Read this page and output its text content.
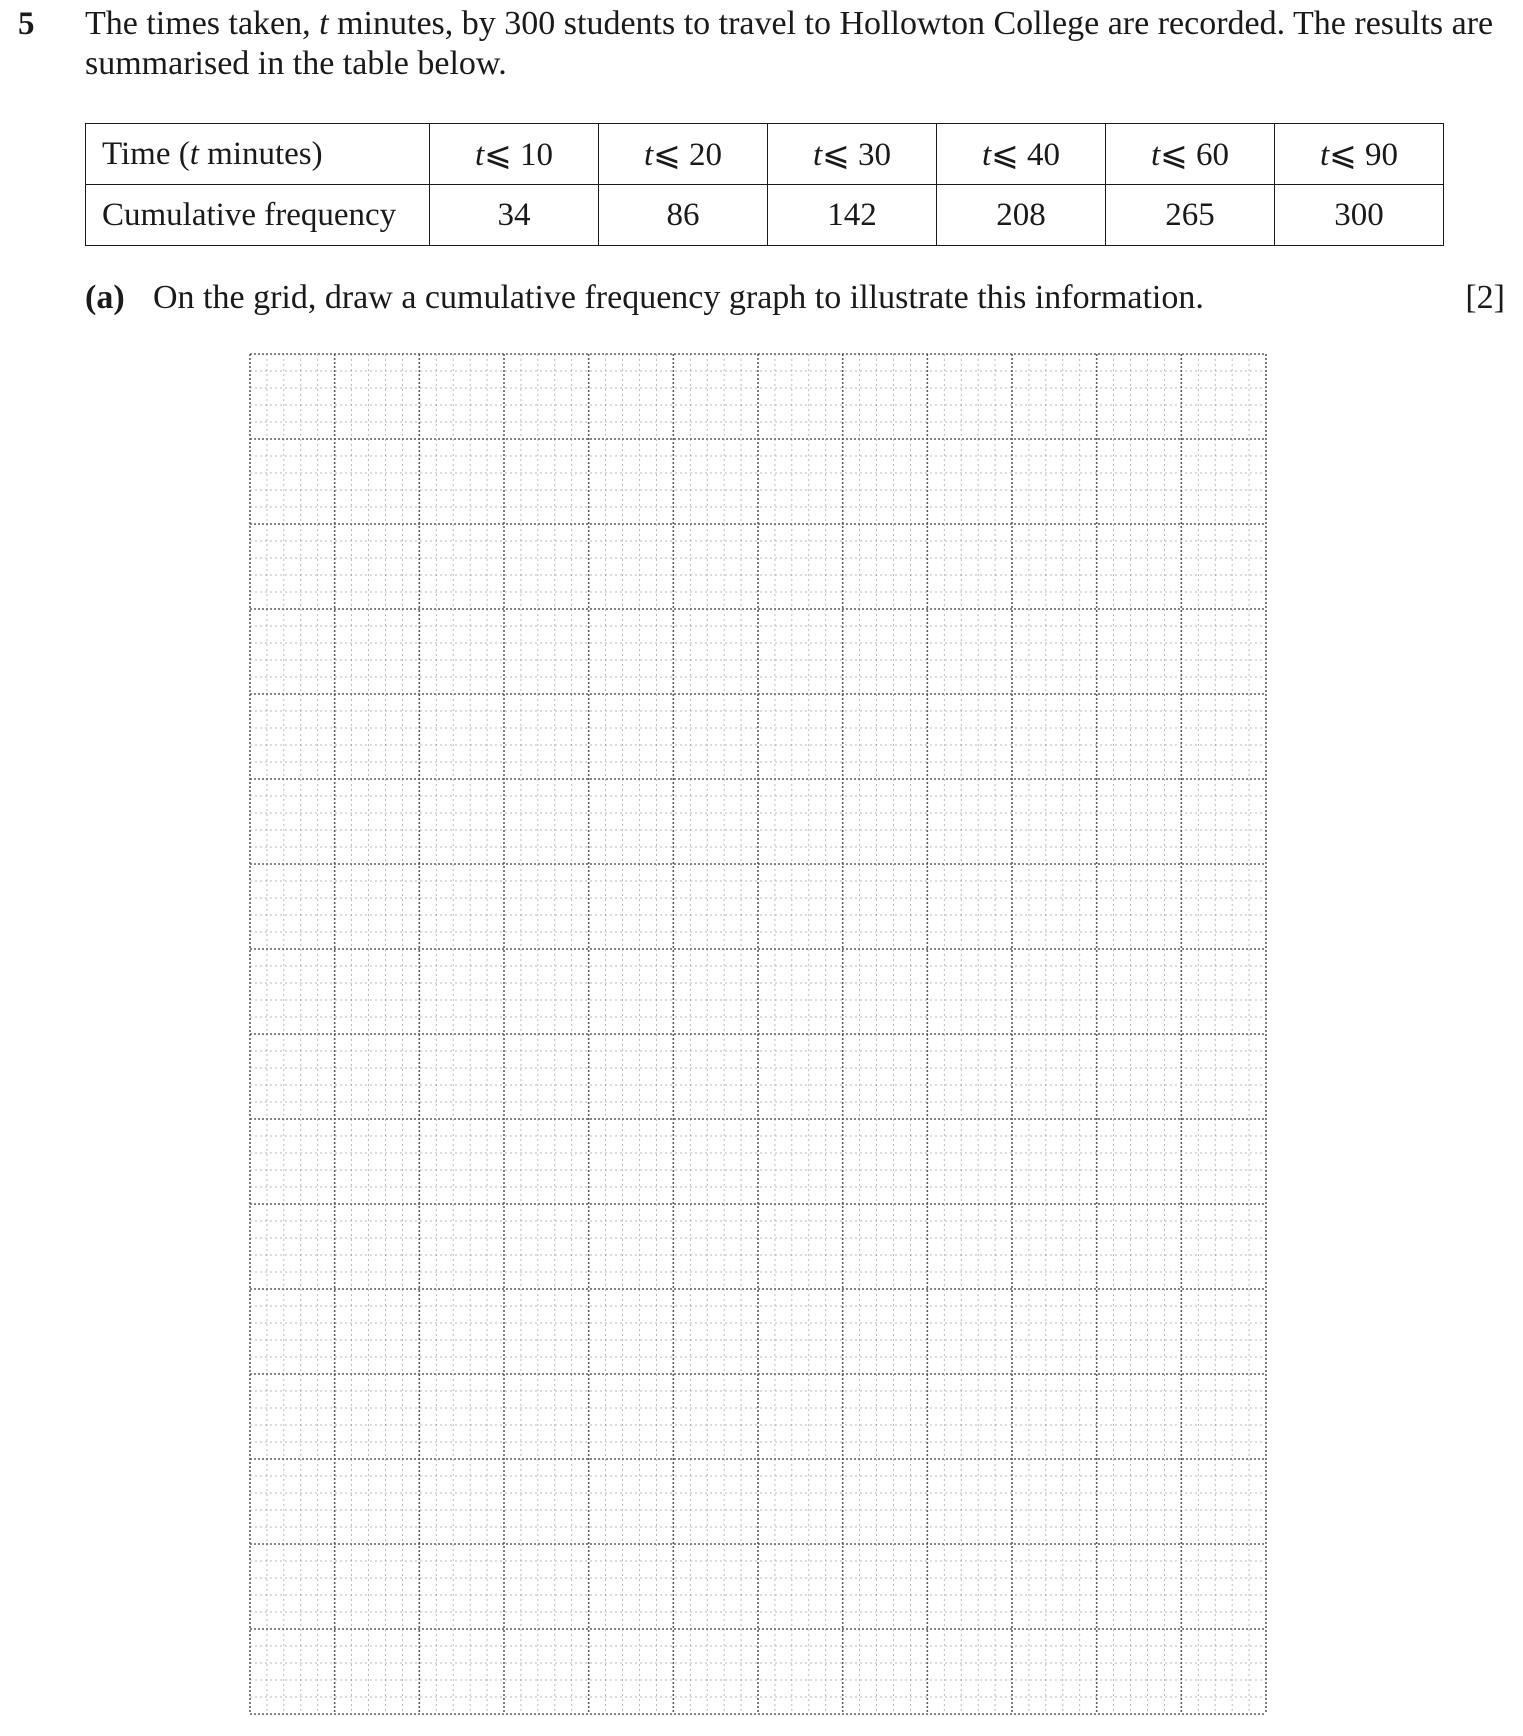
5 The times taken, t minutes, by 300 students to travel to Hollowton College are recorded. The results are
summarised in the table below.

Time (t minutes)	t⩽ 10	t⩽ 20	t⩽ 30	t⩽ 40	t⩽ 60	t⩽ 90
Cumulative frequency	34	86	142	208	265	300
(a) On the grid, draw a cumulative frequency graph to illustrate this information.	[2]
